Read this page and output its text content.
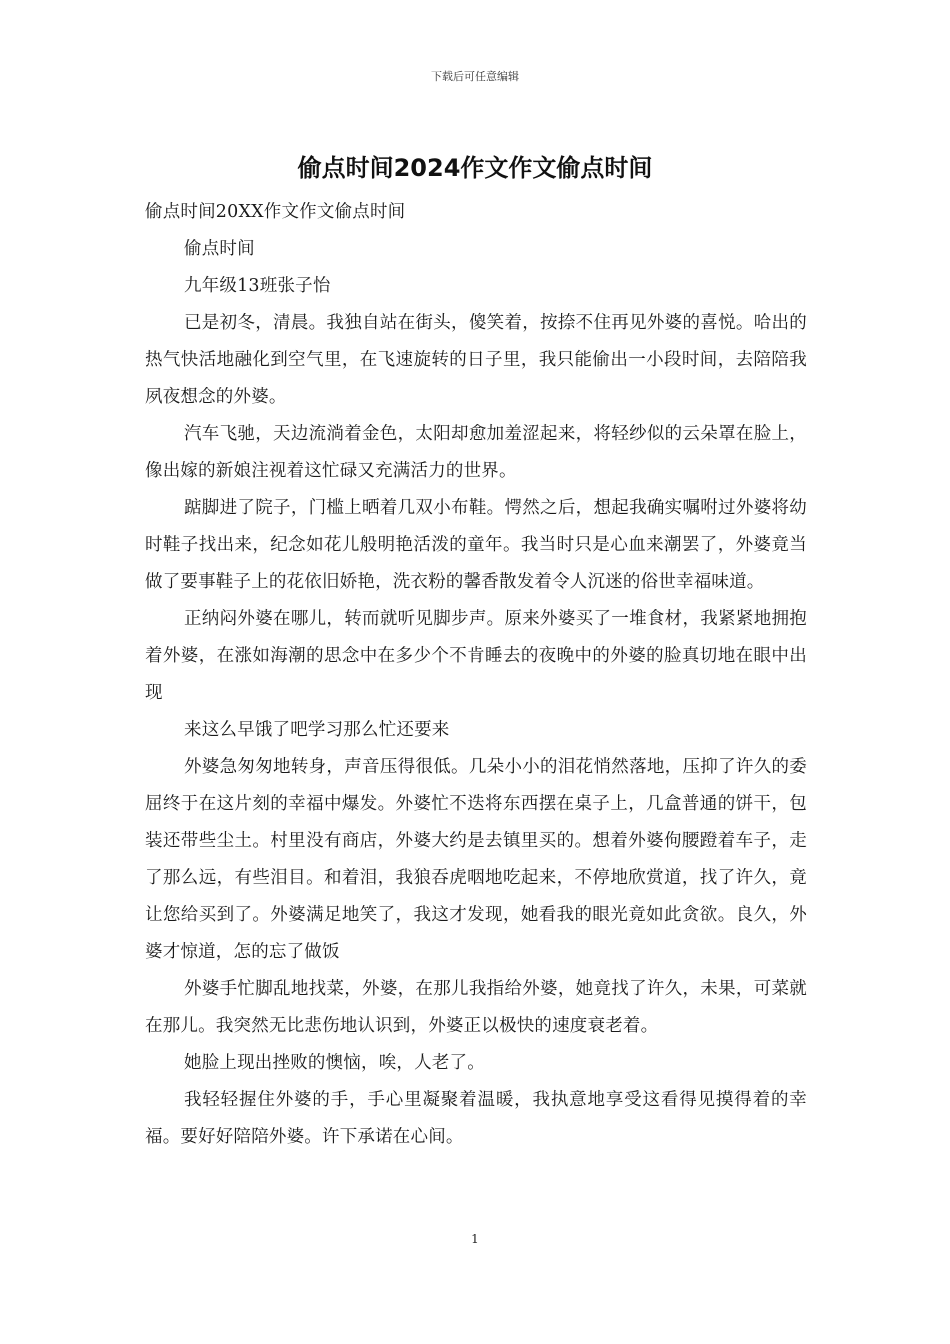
下载后可任意编辑
偷点时间2024作文作文偷点时间

偷点时间20XX作文作文偷点时间

偷点时间

九年级13班张子怡

已是初冬，清晨。我独自站在街头，傻笑着，按捺不住再见外婆的喜悦。哈出的热气快活地融化到空气里，在飞速旋转的日子里，我只能偷出一小段时间，去陪陪我夙夜想念的外婆。

汽车飞驰，天边流淌着金色，太阳却愈加羞涩起来，将轻纱似的云朵罩在脸上，像出嫁的新娘注视着这忙碌又充满活力的世界。

踮脚进了院子，门槛上晒着几双小布鞋。愕然之后，想起我确实嘱咐过外婆将幼时鞋子找出来，纪念如花儿般明艳活泼的童年。我当时只是心血来潮罢了，外婆竟当做了要事鞋子上的花依旧娇艳，洗衣粉的馨香散发着令人沉迷的俗世幸福味道。

正纳闷外婆在哪儿，转而就听见脚步声。原来外婆买了一堆食材，我紧紧地拥抱着外婆，在涨如海潮的思念中在多少个不肯睡去的夜晚中的外婆的脸真切地在眼中出现

来这么早饿了吧学习那么忙还要来

外婆急匆匆地转身，声音压得很低。几朵小小的泪花悄然落地，压抑了许久的委屈终于在这片刻的幸福中爆发。外婆忙不迭将东西摆在桌子上，几盒普通的饼干，包装还带些尘土。村里没有商店，外婆大约是去镇里买的。想着外婆佝腰蹬着车子，走了那么远，有些泪目。和着泪，我狼吞虎咽地吃起来，不停地欣赏道，找了许久，竟让您给买到了。外婆满足地笑了，我这才发现，她看我的眼光竟如此贪欲。良久，外婆才惊道，怎的忘了做饭

外婆手忙脚乱地找菜，外婆，在那儿我指给外婆，她竟找了许久，未果，可菜就在那儿。我突然无比悲伤地认识到，外婆正以极快的速度衰老着。

她脸上现出挫败的懊恼，唉，人老了。

我轻轻握住外婆的手，手心里凝聚着温暖，我执意地享受这看得见摸得着的幸福。要好好陪陪外婆。许下承诺在心间。

1
